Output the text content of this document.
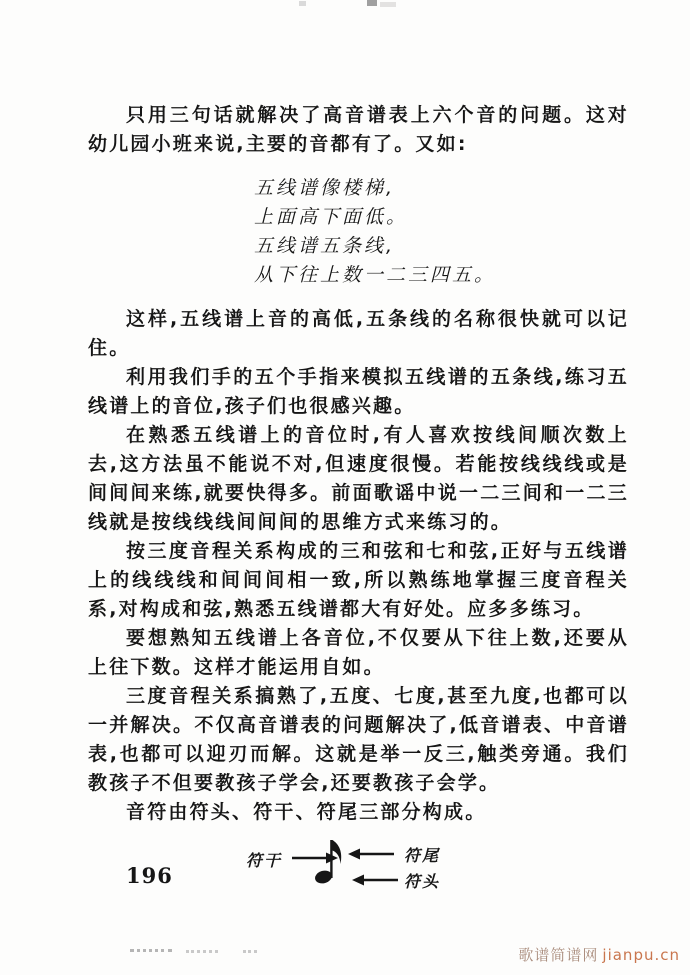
只用三句话就解决了高音谱表上六个音的问题。这对幼儿园小班来说,主要的音都有了。又如:

五线谱像楼梯,
上面高下面低。
五线谱五条线,
从下往上数一二三四五。

这样,五线谱上音的高低,五条线的名称很快就可以记住。

利用我们手的五个手指来模拟五线谱的五条线,练习五线谱上的音位,孩子们也很感兴趣。

在熟悉五线谱上的音位时,有人喜欢按线间顺次数上去,这方法虽不能说不对,但速度很慢。若能按线线线或是间间间来练,就要快得多。前面歌谣中说一二三间和一二三线就是按线线线间间间的思维方式来练习的。

按三度音程关系构成的三和弦和七和弦,正好与五线谱上的线线线和间间间相一致,所以熟练地掌握三度音程关系,对构成和弦,熟悉五线谱都大有好处。应多多练习。

要想熟知五线谱上各音位,不仅要从下往上数,还要从上往下数。这样才能运用自如。

三度音程关系搞熟了,五度、七度,甚至九度,也都可以一并解决。不仅高音谱表的问题解决了,低音谱表、中音谱表,也都可以迎刃而解。这就是举一反三,触类旁通。我们教孩子不但要教孩子学会,还要教孩子会学。

音符由符头、符干、符尾三部分构成。

符干	符尾
符头
196
歌谱简谱网 jianpu.cn
